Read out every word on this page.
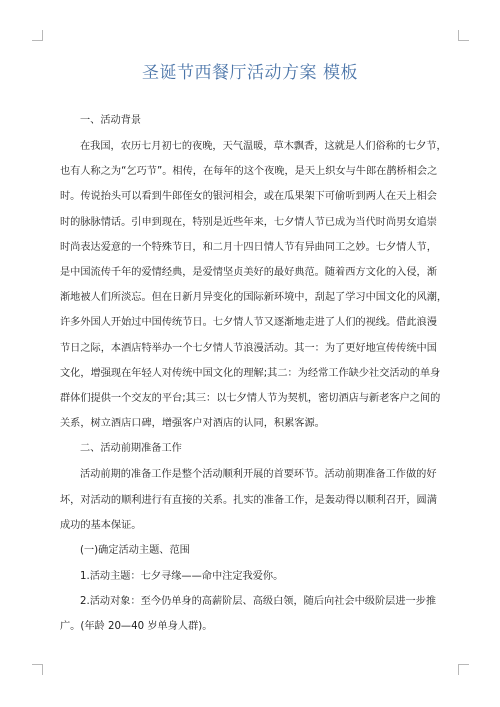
圣诞节西餐厅活动方案 模板

一、活动背景

在我国，农历七月初七的夜晚，天气温暖，草木飘香，这就是人们俗称的七夕节，
也有人称之为“乞巧节”。相传，在每年的这个夜晚，是天上织女与牛郎在鹊桥相会之
时。传说抬头可以看到牛郎侄女的银河相会，或在瓜果架下可偷听到两人在天上相会
时的脉脉情话。引申到现在，特别是近些年来，七夕情人节已成为当代时尚男女追崇
时尚表达爱意的一个特殊节日，和二月十四日情人节有异曲同工之妙。七夕情人节，
是中国流传千年的爱情经典，是爱情坚贞美好的最好典范。随着西方文化的入侵，渐
渐地被人们所淡忘。但在日新月异变化的国际新环境中，刮起了学习中国文化的风潮，
许多外国人开始过中国传统节日。七夕情人节又逐渐地走进了人们的视线。借此浪漫
节日之际，本酒店特举办一个七夕情人节浪漫活动。其一：为了更好地宣传传统中国
文化，增强现在年轻人对传统中国文化的理解;其二：为经常工作缺少社交活动的单身
群体们提供一个交友的平台;其三：以七夕情人节为契机，密切酒店与新老客户之间的
关系，树立酒店口碑，增强客户对酒店的认同，积累客源。

二、活动前期准备工作

活动前期的准备工作是整个活动顺利开展的首要环节。活动前期准备工作做的好
坏，对活动的顺利进行有直接的关系。扎实的准备工作，是轰动得以顺利召开，圆满
成功的基本保证。

(一)确定活动主题、范围

1.活动主题：七夕寻缘——命中注定我爱你。
2.活动对象：至今仍单身的高薪阶层、高级白领，随后向社会中级阶层进一步推
广。(年龄 20—40 岁单身人群)。
